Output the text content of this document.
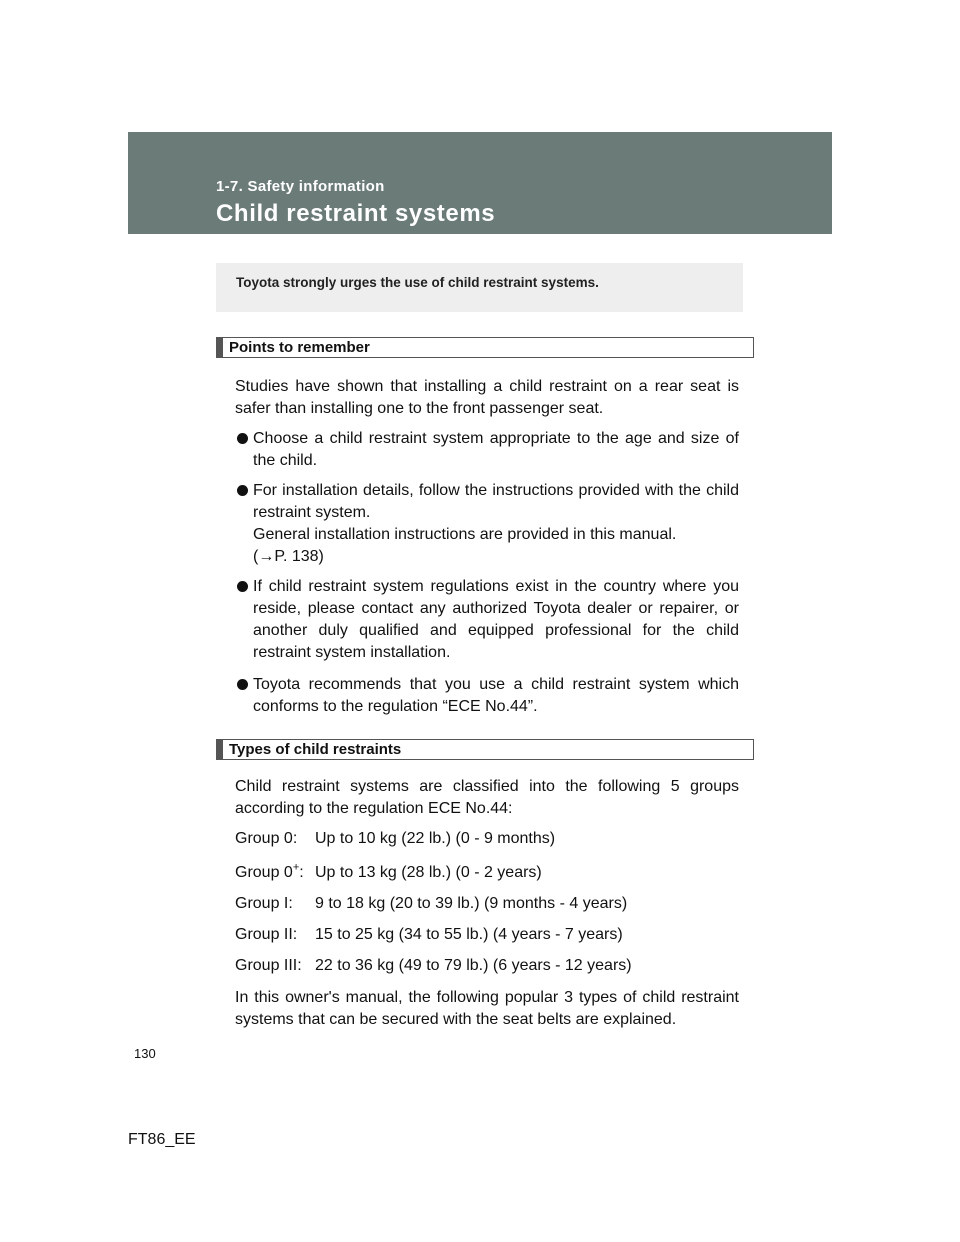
1-7. Safety information
Child restraint systems
Toyota strongly urges the use of child restraint systems.
Points to remember
Studies have shown that installing a child restraint on a rear seat is safer than installing one to the front passenger seat.
Choose a child restraint system appropriate to the age and size of the child.
For installation details, follow the instructions provided with the child restraint system.
General installation instructions are provided in this manual.
(→P. 138)
If child restraint system regulations exist in the country where you reside, please contact any authorized Toyota dealer or repairer, or another duly qualified and equipped professional for the child restraint system installation.
Toyota recommends that you use a child restraint system which conforms to the regulation “ECE No.44”.
Types of child restraints
Child restraint systems are classified into the following 5 groups according to the regulation ECE No.44:
Group 0: Up to 10 kg (22 lb.) (0 - 9 months)
Group 0+: Up to 13 kg (28 lb.) (0 - 2 years)
Group I: 9 to 18 kg (20 to 39 lb.) (9 months - 4 years)
Group II: 15 to 25 kg (34 to 55 lb.) (4 years - 7 years)
Group III: 22 to 36 kg (49 to 79 lb.) (6 years - 12 years)
In this owner's manual, the following popular 3 types of child restraint systems that can be secured with the seat belts are explained.
130
FT86_EE
